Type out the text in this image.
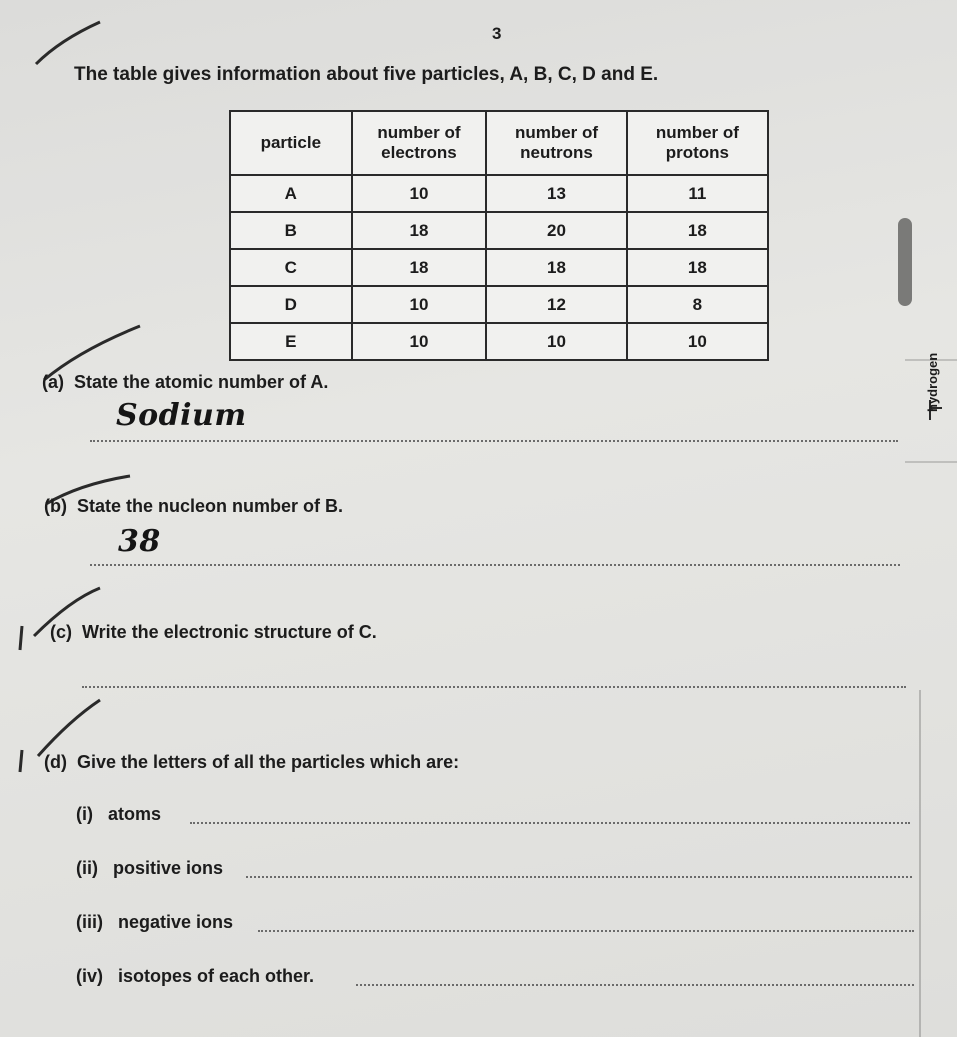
hydrogen
3
The table gives information about five particles, A, B, C, D and E.
particle	number of electrons	number of neutrons	number of protons
A	10	13	11
B	18	20	18
C	18	18	18
D	10	12	8
E	10	10	10
(a) State the atomic number of A.
Sodium
(b) State the nucleon number of B.
38
(c) Write the electronic structure of C.
(d) Give the letters of all the particles which are:
(i) atoms
(ii) positive ions
(iii) negative ions
(iv) isotopes of each other.
